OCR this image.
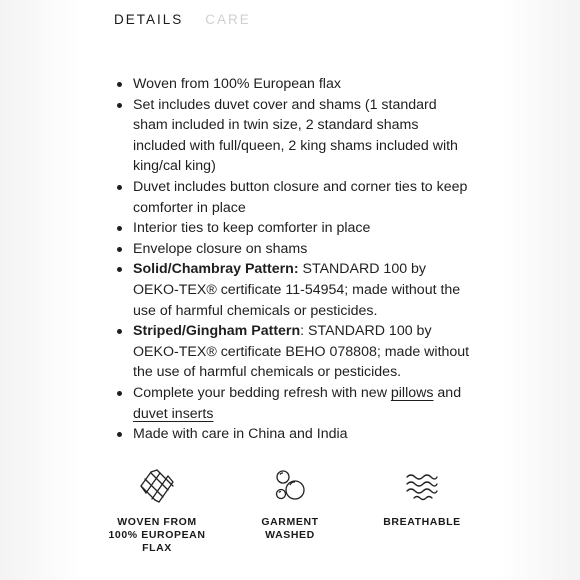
DETAILS CARE
Woven from 100% European flax
Set includes duvet cover and shams (1 standard sham included in twin size, 2 standard shams included with full/queen, 2 king shams included with king/cal king)
Duvet includes button closure and corner ties to keep comforter in place
Interior ties to keep comforter in place
Envelope closure on shams
Solid/Chambray Pattern: STANDARD 100 by OEKO-TEX® certificate 11-54954; made without the use of harmful chemicals or pesticides.
Striped/Gingham Pattern: STANDARD 100 by OEKO-TEX® certificate BEHO 078808; made without the use of harmful chemicals or pesticides.
Complete your bedding refresh with new pillows and duvet inserts
Made with care in China and India
WOVEN FROM 100% EUROPEAN FLAX
GARMENT WASHED
BREATHABLE
